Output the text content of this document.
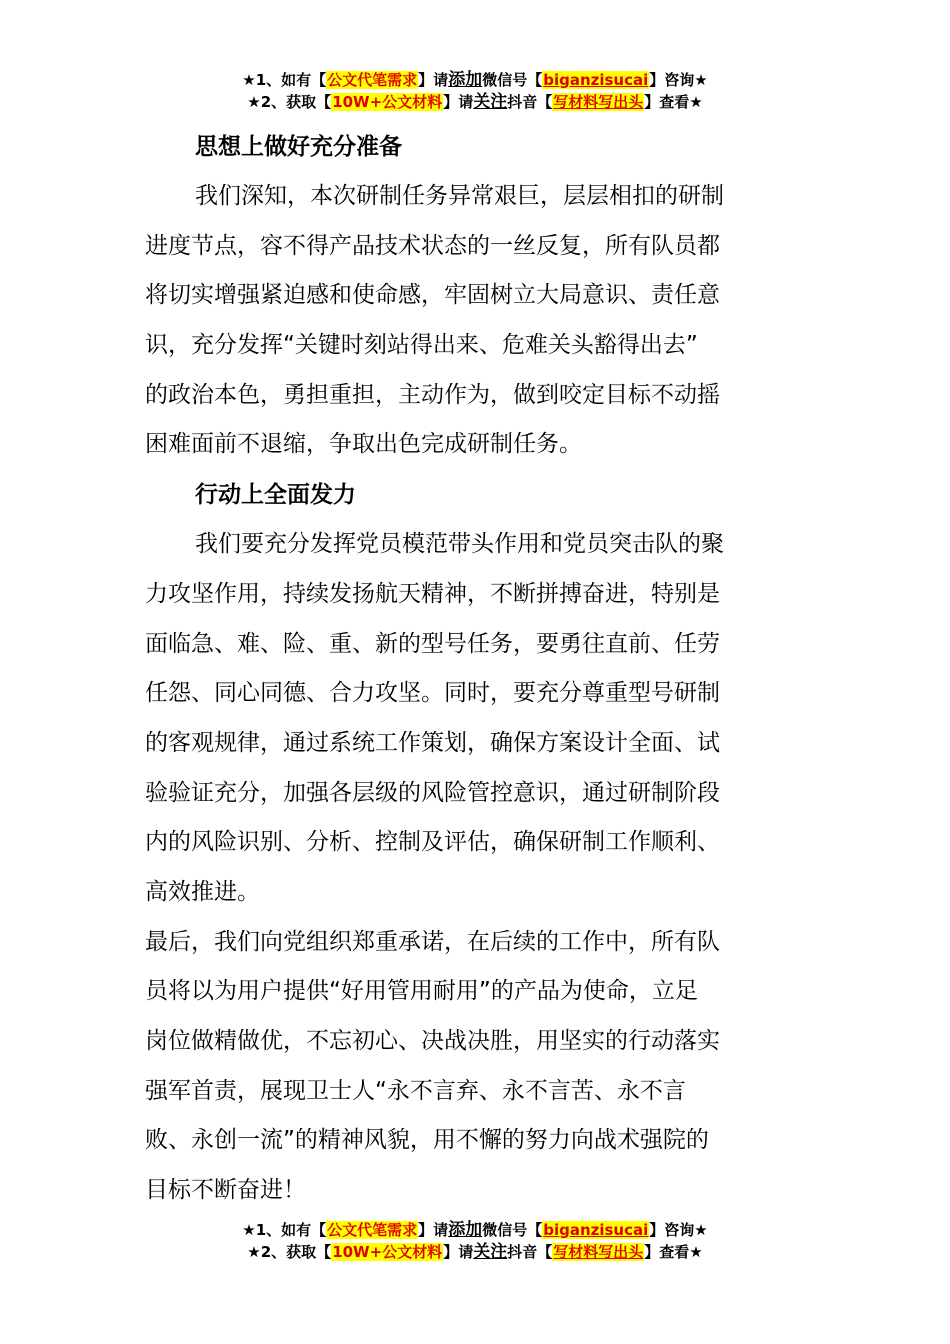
★1、如有【公文代笔需求】请添加微信号【biganzisucai】咨询★
★2、获取【10W+公文材料】请关注抖音【写材料写出头】查看★
思想上做好充分准备

我们深知，本次研制任务异常艰巨，层层相扣的研制
进度节点，容不得产品技术状态的一丝反复，所有队员都
将切实增强紧迫感和使命感，牢固树立大局意识、责任意
识，充分发挥“关键时刻站得出来、危难关头豁得出去”
的政治本色，勇担重担，主动作为，做到咬定目标不动摇
困难面前不退缩，争取出色完成研制任务。

行动上全面发力

我们要充分发挥党员模范带头作用和党员突击队的聚
力攻坚作用，持续发扬航天精神，不断拼搏奋进，特别是
面临急、难、险、重、新的型号任务，要勇往直前、任劳
任怨、同心同德、合力攻坚。同时，要充分尊重型号研制
的客观规律，通过系统工作策划，确保方案设计全面、试
验验证充分，加强各层级的风险管控意识，通过研制阶段
内的风险识别、分析、控制及评估，确保研制工作顺利、
高效推进。

最后，我们向党组织郑重承诺，在后续的工作中，所有队
员将以为用户提供“好用管用耐用”的产品为使命，立足
岗位做精做优，不忘初心、决战决胜，用坚实的行动落实
强军首责，展现卫士人“永不言弃、永不言苦、永不言
败、永创一流”的精神风貌，用不懈的努力向战术强院的
目标不断奋进！

★1、如有【公文代笔需求】请添加微信号【biganzisucai】咨询★
★2、获取【10W+公文材料】请关注抖音【写材料写出头】查看★
